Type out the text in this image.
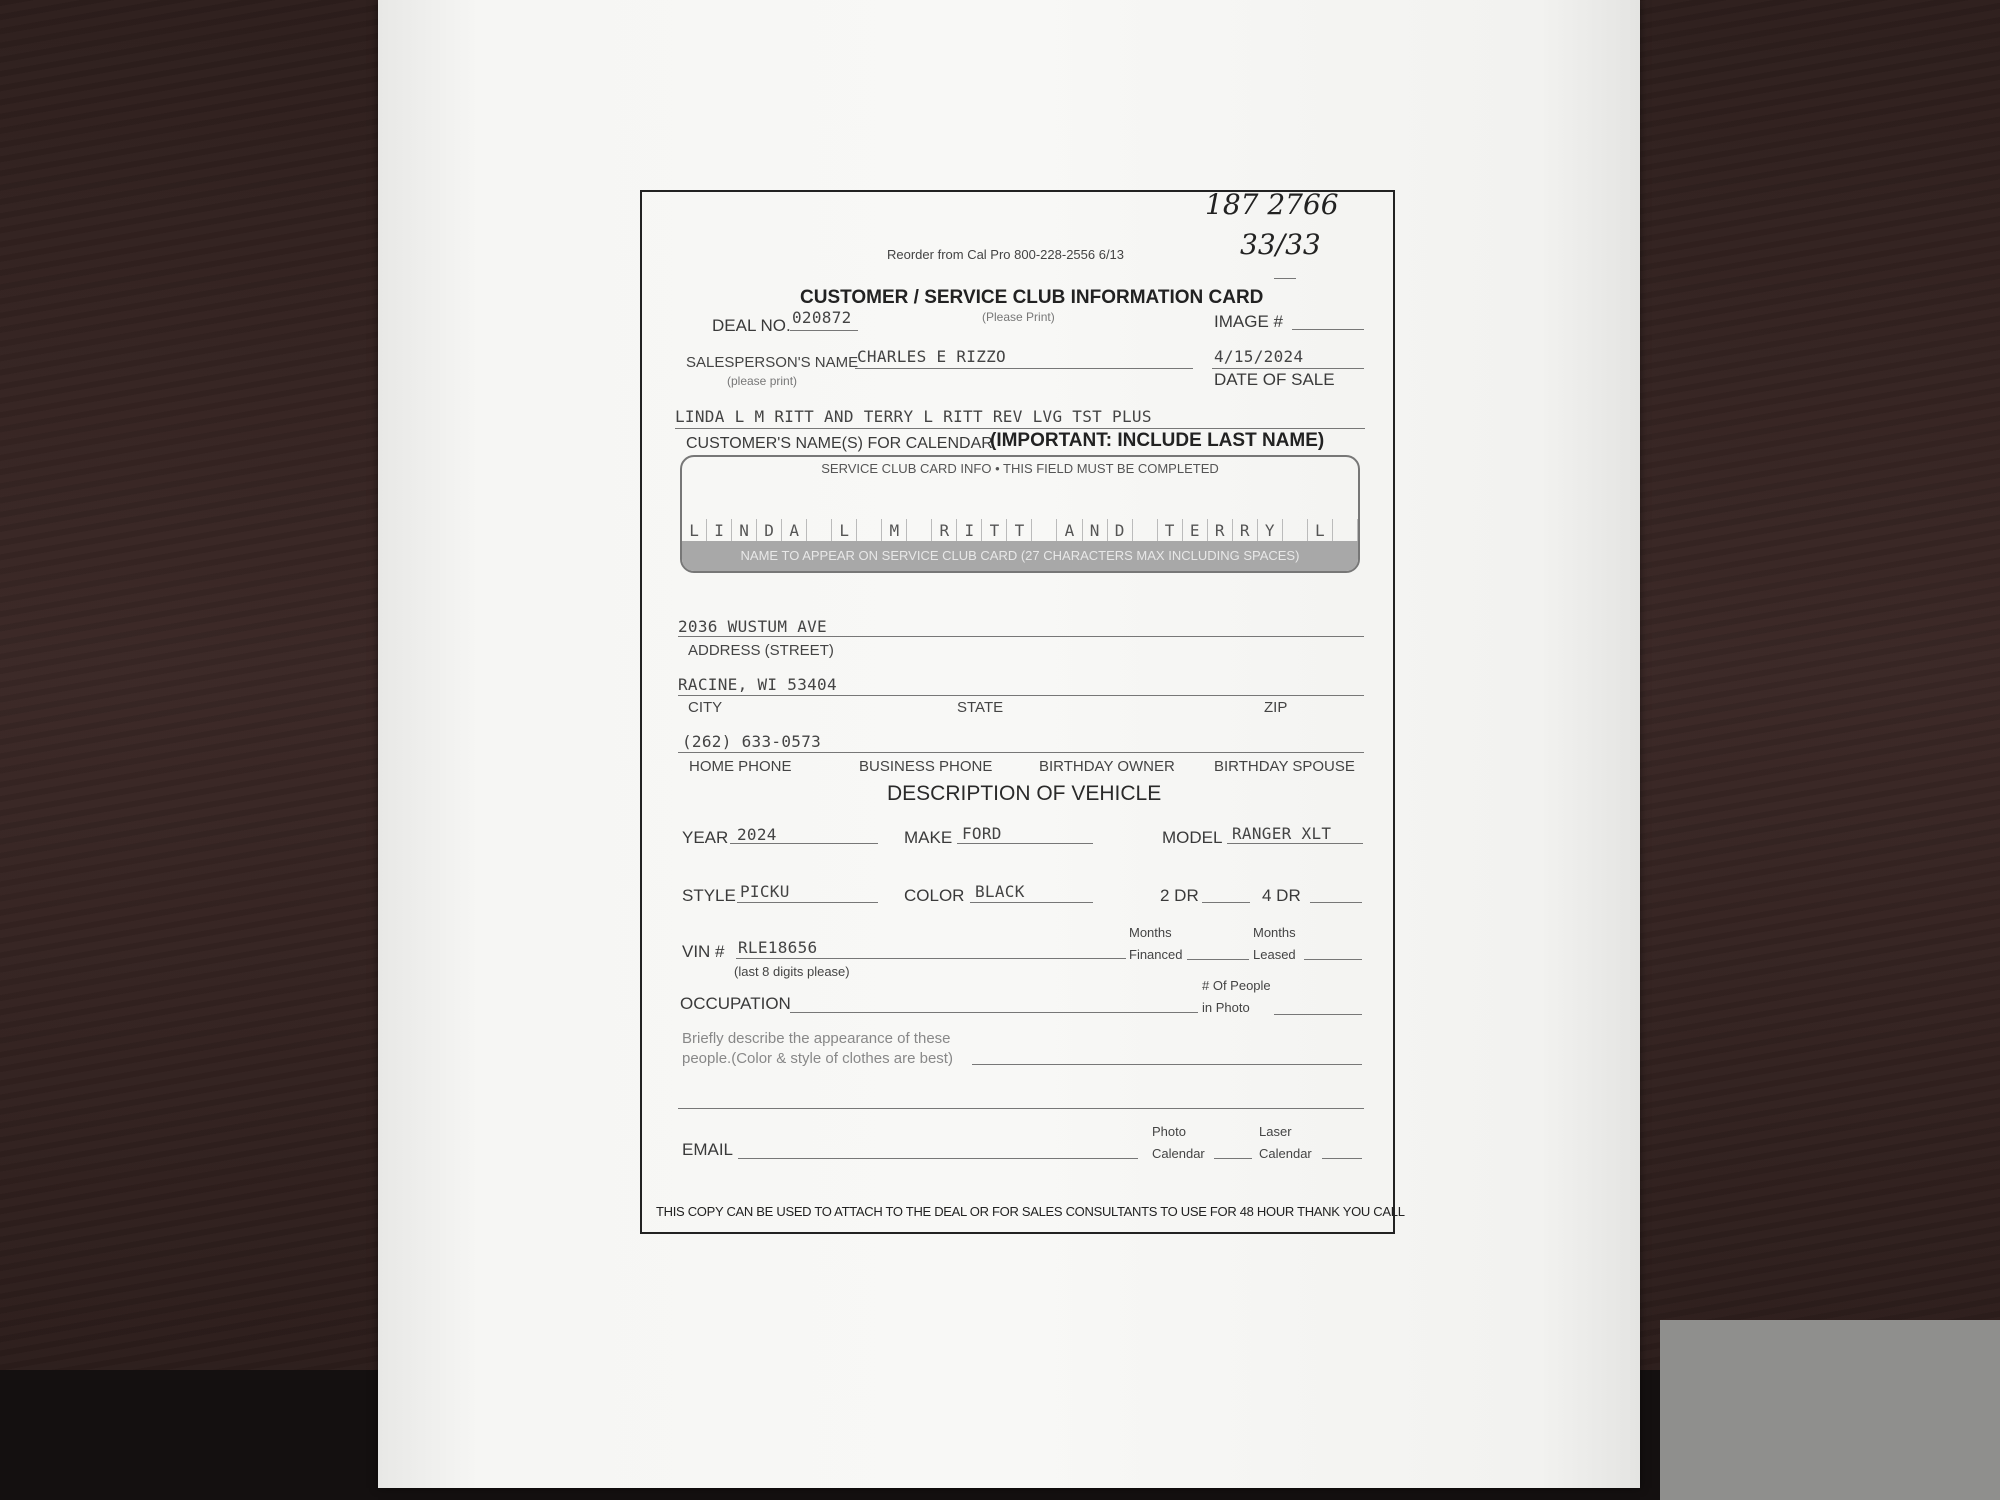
187 2766
33/33
Reorder from Cal Pro 800-228-2556 6/13
CUSTOMER / SERVICE CLUB INFORMATION CARD
(Please Print)
DEAL NO. 020872	IMAGE #
SALESPERSON'S NAME
(please print)
CHARLES E RIZZO	4/15/2024
DATE OF SALE
LINDA L M RITT AND TERRY L RITT REV LVG TST PLUS
CUSTOMER'S NAME(S) FOR CALENDAR
(IMPORTANT: INCLUDE LAST NAME)
SERVICE CLUB CARD INFO • THIS FIELD MUST BE COMPLETED
L I N D A	L	M	R I T T	A N D	T E R R Y	L
NAME TO APPEAR ON SERVICE CLUB CARD (27 CHARACTERS MAX INCLUDING SPACES)
2036 WUSTUM AVE
ADDRESS (STREET)
RACINE, WI 53404
CITY	STATE	ZIP
(262) 633-0573
HOME PHONE	BUSINESS PHONE	BIRTHDAY OWNER	BIRTHDAY SPOUSE
DESCRIPTION OF VEHICLE
YEAR 2024	MAKE FORD	MODEL RANGER XLT
STYLE PICKU	COLOR BLACK	2 DR	4 DR
VIN # RLE18656
(last 8 digits please)
Months
Financed
Months
Leased
OCCUPATION
# Of People
in Photo
Briefly describe the appearance of these
people.(Color & style of clothes are best)
EMAIL
Photo
Calendar
Laser
Calendar
THIS COPY CAN BE USED TO ATTACH TO THE DEAL OR FOR SALES CONSULTANTS TO USE FOR 48 HOUR THANK YOU CALL
